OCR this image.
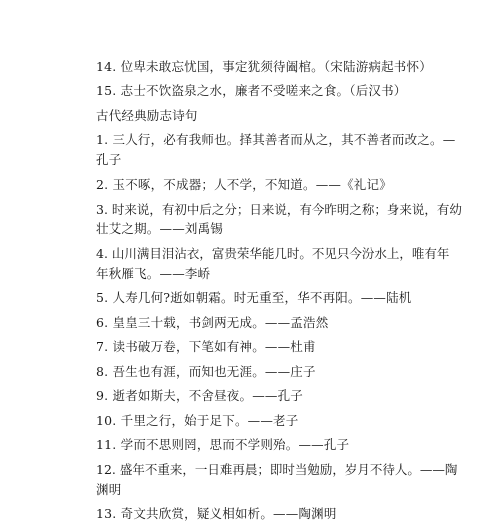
14. 位卑未敢忘忧国，事定犹须待阖棺。（宋陆游病起书怀）
15. 志士不饮盗泉之水，廉者不受嗟来之食。（后汉书）
古代经典励志诗句
1. 三人行，必有我师也。择其善者而从之，其不善者而改之。—
孔子
2. 玉不啄，不成器；人不学，不知道。——《礼记》
3. 时来说，有初中后之分；日来说，有今昨明之称；身来说，有幼
壮艾之期。——刘禹锡
4. 山川满目泪沾衣，富贵荣华能几时。不见只今汾水上，唯有年
年秋雁飞。——李峤
5. 人寿几何?逝如朝霜。时无重至，华不再阳。——陆机
6. 皇皇三十载，书剑两无成。——孟浩然
7. 读书破万卷，下笔如有神。——杜甫
8. 吾生也有涯，而知也无涯。——庄子
9. 逝者如斯夫，不舍昼夜。——孔子
10. 千里之行，始于足下。——老子
11. 学而不思则罔，思而不学则殆。——孔子
12. 盛年不重来，一日难再晨；即时当勉励，岁月不待人。——陶
渊明
13. 奇文共欣赏，疑义相如析。——陶渊明
